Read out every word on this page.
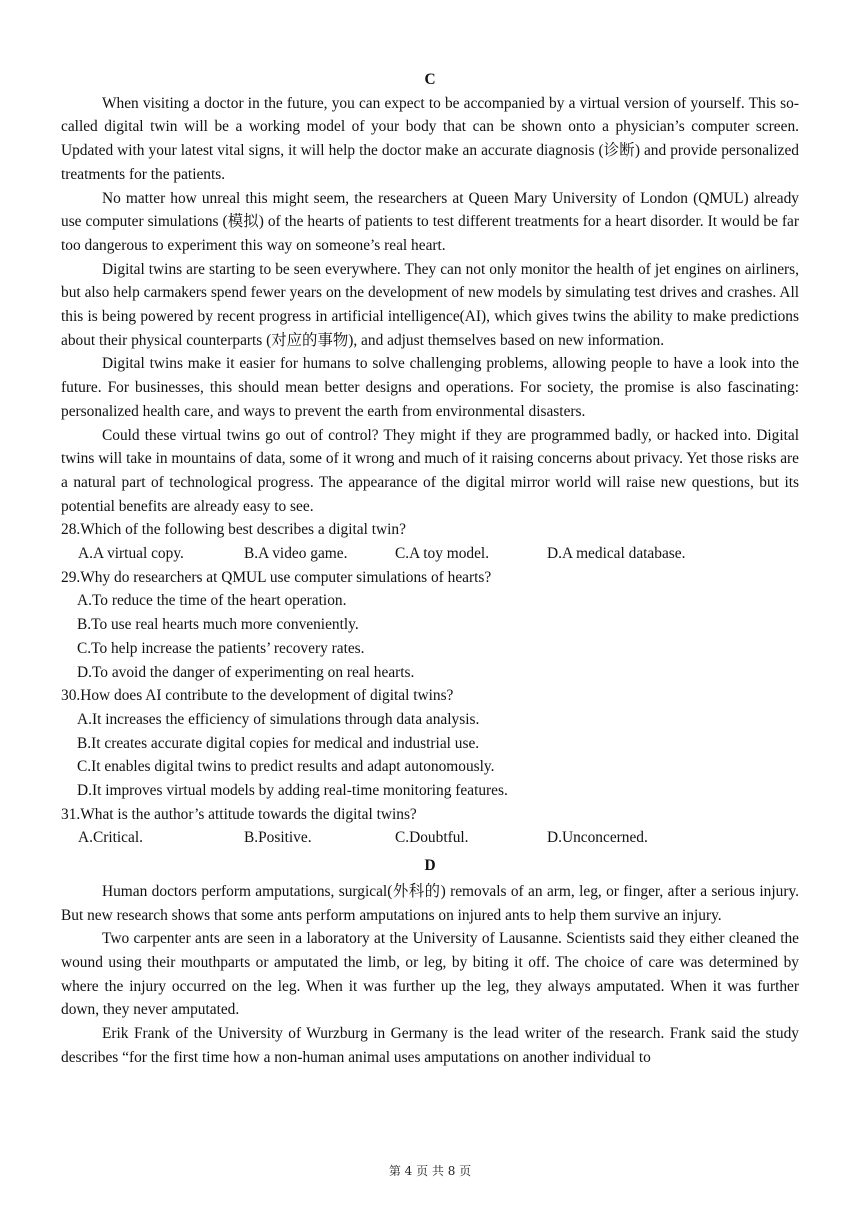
C

When visiting a doctor in the future, you can expect to be accompanied by a virtual version of yourself. This so-called digital twin will be a working model of your body that can be shown onto a physician’s computer screen. Updated with your latest vital signs, it will help the doctor make an accurate diagnosis (诊断) and provide personalized treatments for the patients.

No matter how unreal this might seem, the researchers at Queen Mary University of London (QMUL) already use computer simulations (模拟) of the hearts of patients to test different treatments for a heart disorder. It would be far too dangerous to experiment this way on someone’s real heart.

Digital twins are starting to be seen everywhere. They can not only monitor the health of jet engines on airliners, but also help carmakers spend fewer years on the development of new models by simulating test drives and crashes. All this is being powered by recent progress in artificial intelligence(AI), which gives twins the ability to make predictions about their physical counterparts (对应的事物), and adjust themselves based on new information.

Digital twins make it easier for humans to solve challenging problems, allowing people to have a look into the future. For businesses, this should mean better designs and operations. For society, the promise is also fascinating: personalized health care, and ways to prevent the earth from environmental disasters.

Could these virtual twins go out of control? They might if they are programmed badly, or hacked into. Digital twins will take in mountains of data, some of it wrong and much of it raising concerns about privacy. Yet those risks are a natural part of technological progress. The appearance of the digital mirror world will raise new questions, but its potential benefits are already easy to see.

28.Which of the following best describes a digital twin?

A.A virtual copy.	B.A video game.	C.A toy model.	D.A medical database.

29.Why do researchers at QMUL use computer simulations of hearts?

A.To reduce the time of the heart operation.

B.To use real hearts much more conveniently.

C.To help increase the patients’ recovery rates.

D.To avoid the danger of experimenting on real hearts.

30.How does AI contribute to the development of digital twins?

A.It increases the efficiency of simulations through data analysis.

B.It creates accurate digital copies for medical and industrial use.

C.It enables digital twins to predict results and adapt autonomously.

D.It improves virtual models by adding real-time monitoring features.

31.What is the author’s attitude towards the digital twins?

A.Critical.	B.Positive.	C.Doubtful.	D.Unconcerned.
D

Human doctors perform amputations, surgical(外科的) removals of an arm, leg, or finger, after a serious injury. But new research shows that some ants perform amputations on injured ants to help them survive an injury.

Two carpenter ants are seen in a laboratory at the University of Lausanne. Scientists said they either cleaned the wound using their mouthparts or amputated the limb, or leg, by biting it off. The choice of care was determined by where the injury occurred on the leg. When it was further up the leg, they always amputated. When it was further down, they never amputated.

Erik Frank of the University of Wurzburg in Germany is the lead writer of the research. Frank said the study describes “for the first time how a non-human animal uses amputations on another individual to

第 4 页 共 8 页
